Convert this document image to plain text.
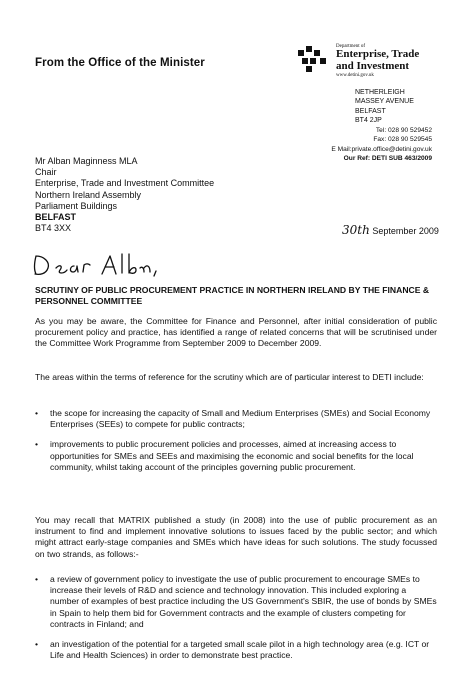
From the Office of the Minister
Department of
Enterprise, Trade
and Investment
www.detini.gov.uk
NETHERLEIGH
MASSEY AVENUE
BELFAST
BT4 2JP
Tel: 028 90 529452
Fax: 028 90 529545
E Mail:private.office@detini.gov.uk
Our Ref: DETI SUB 463/2009
Mr Alban Maginness MLA
Chair
Enterprise, Trade and Investment Committee
Northern Ireland Assembly
Parliament Buildings
BELFAST
BT4 3XX	30th September 2009
SCRUTINY OF PUBLIC PROCUREMENT PRACTICE IN NORTHERN IRELAND BY THE FINANCE & PERSONNEL COMMITTEE

As you may be aware, the Committee for Finance and Personnel, after initial consideration of public procurement policy and practice, has identified a range of related concerns that will be scrutinised under the Committee Work Programme from September 2009 to December 2009.

The areas within the terms of reference for the scrutiny which are of particular interest to DETI include:

• the scope for increasing the capacity of Small and Medium Enterprises (SMEs) and Social Economy Enterprises (SEEs) to compete for public contracts;
• improvements to public procurement policies and processes, aimed at increasing access to opportunities for SMEs and SEEs and maximising the economic and social benefits for the local community, whilst taking account of the principles governing public procurement.

You may recall that MATRIX published a study (in 2008) into the use of public procurement as an instrument to find and implement innovative solutions to issues faced by the public sector; and which might attract early-stage companies and SMEs which have ideas for such solutions. The study focussed on two strands, as follows:-

• a review of government policy to investigate the use of public procurement to encourage SMEs to increase their levels of R&D and science and technology innovation. This included exploring a number of examples of best practice including the US Government's SBIR, the use of bonds by SMEs in Spain to help them bid for Government contracts and the example of clusters competing for contracts in Finland; and
• an investigation of the potential for a targeted small scale pilot in a high technology area (e.g. ICT or Life and Health Sciences) in order to demonstrate best practice.
